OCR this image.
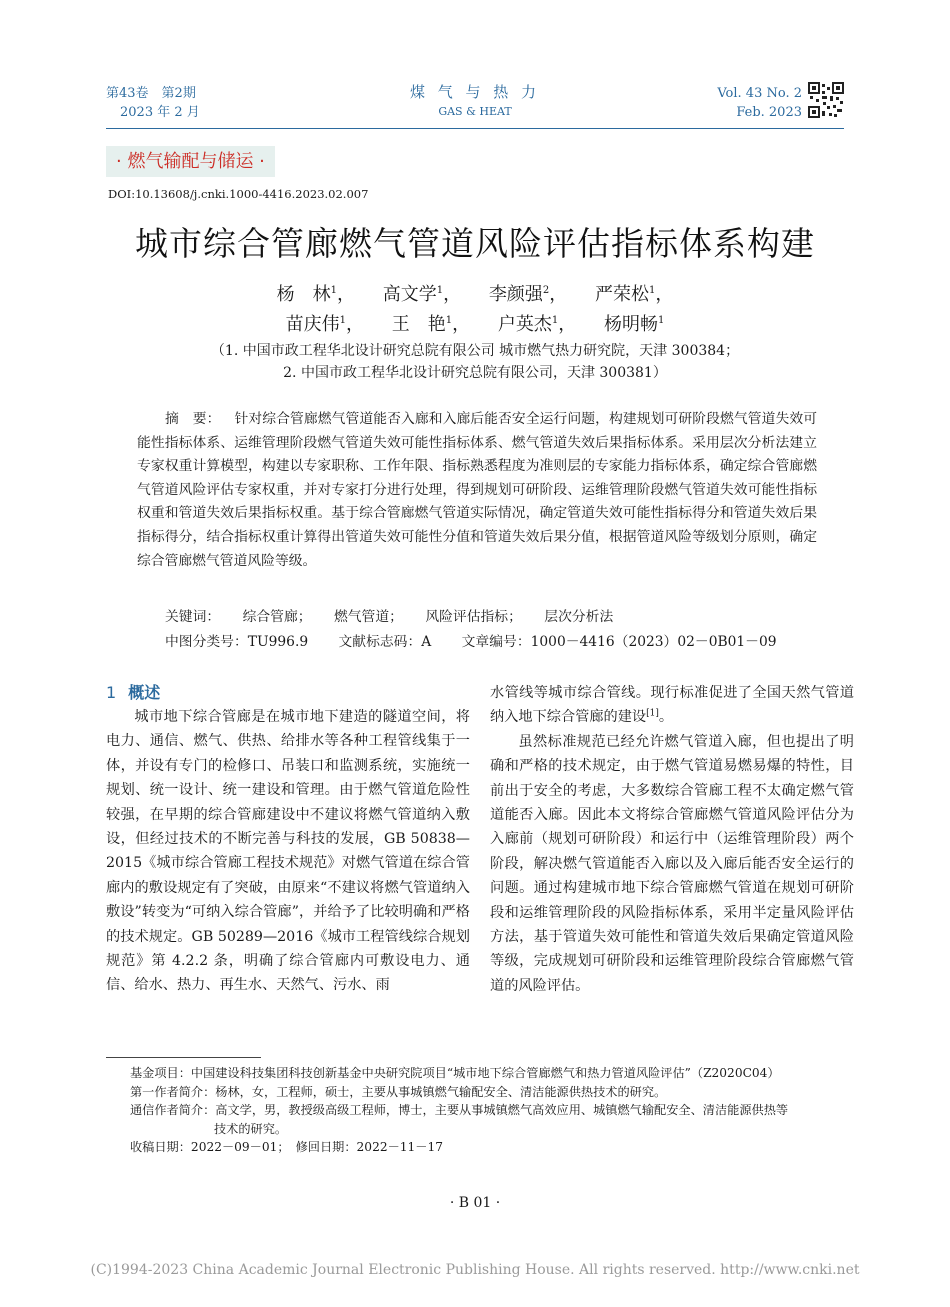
第43卷　第2期
2023 年 2 月
煤 气 与 热 力
GAS & HEAT
Vol. 43 No. 2
Feb. 2023
· 燃气输配与储运 ·
DOI:10.13608/j.cnki.1000-4416.2023.02.007
城市综合管廊燃气管道风险评估指标体系构建
杨　林$^1$， 高文学$^1$， 李颜强$^2$， 严荣松$^1$，
苗庆伟$^1$， 王　艳$^1$， 户英杰$^1$， 杨明畅$^1$
（1. 中国市政工程华北设计研究总院有限公司 城市燃气热力研究院，天津 300384；
2. 中国市政工程华北设计研究总院有限公司，天津 300381）
摘　要： 针对综合管廊燃气管道能否入廊和入廊后能否安全运行问题，构建规划可研阶段燃气管道失效可能性指标体系、运维管理阶段燃气管道失效可能性指标体系、燃气管道失效后果指标体系。采用层次分析法建立专家权重计算模型，构建以专家职称、工作年限、指标熟悉程度为准则层的专家能力指标体系，确定综合管廊燃气管道风险评估专家权重，并对专家打分进行处理，得到规划可研阶段、运维管理阶段燃气管道失效可能性指标权重和管道失效后果指标权重。基于综合管廊燃气管道实际情况，确定管道失效可能性指标得分和管道失效后果指标得分，结合指标权重计算得出管道失效可能性分值和管道失效后果分值，根据管道风险等级划分原则，确定综合管廊燃气管道风险等级。
关键词： 综合管廊； 燃气管道； 风险评估指标； 层次分析法
中图分类号：TU996.9 文献标志码：A 文章编号：1000－4416（2023）02－0B01－09
1 概述

城市地下综合管廊是在城市地下建造的隧道空间，将电力、通信、燃气、供热、给排水等各种工程管线集于一体，并设有专门的检修口、吊装口和监测系统，实施统一规划、统一设计、统一建设和管理。由于燃气管道危险性较强，在早期的综合管廊建设中不建议将燃气管道纳入敷设，但经过技术的不断完善与科技的发展，GB 50838—2015《城市综合管廊工程技术规范》对燃气管道在综合管廊内的敷设规定有了突破，由原来“不建议将燃气管道纳入敷设”转变为“可纳入综合管廊”，并给予了比较明确和严格的技术规定。GB 50289—2016《城市工程管线综合规划规范》第 4.2.2 条，明确了综合管廊内可敷设电力、通信、给水、热力、再生水、天然气、污水、雨

水管线等城市综合管线。现行标准促进了全国天然气管道纳入地下综合管廊的建设[1]。

虽然标准规范已经允许燃气管道入廊，但也提出了明确和严格的技术规定，由于燃气管道易燃易爆的特性，目前出于安全的考虑，大多数综合管廊工程不太确定燃气管道能否入廊。因此本文将综合管廊燃气管道风险评估分为入廊前（规划可研阶段）和运行中（运维管理阶段）两个阶段，解决燃气管道能否入廊以及入廊后能否安全运行的问题。通过构建城市地下综合管廊燃气管道在规划可研阶段和运维管理阶段的风险指标体系，采用半定量风险评估方法，基于管道失效可能性和管道失效后果确定管道风险等级，完成规划可研阶段和运维管理阶段综合管廊燃气管道的风险评估。

基金项目：中国建设科技集团科技创新基金中央研究院项目“城市地下综合管廊燃气和热力管道风险评估”（Z2020C04）
第一作者简介：杨林，女，工程师，硕士，主要从事城镇燃气输配安全、清洁能源供热技术的研究。
通信作者简介：高文学，男，教授级高级工程师，博士，主要从事城镇燃气高效应用、城镇燃气输配安全、清洁能源供热等
技术的研究。
收稿日期：2022－09－01；　修回日期：2022－11－17
· B 01 ·
(C)1994-2023 China Academic Journal Electronic Publishing House. All rights reserved. http://www.cnki.net
